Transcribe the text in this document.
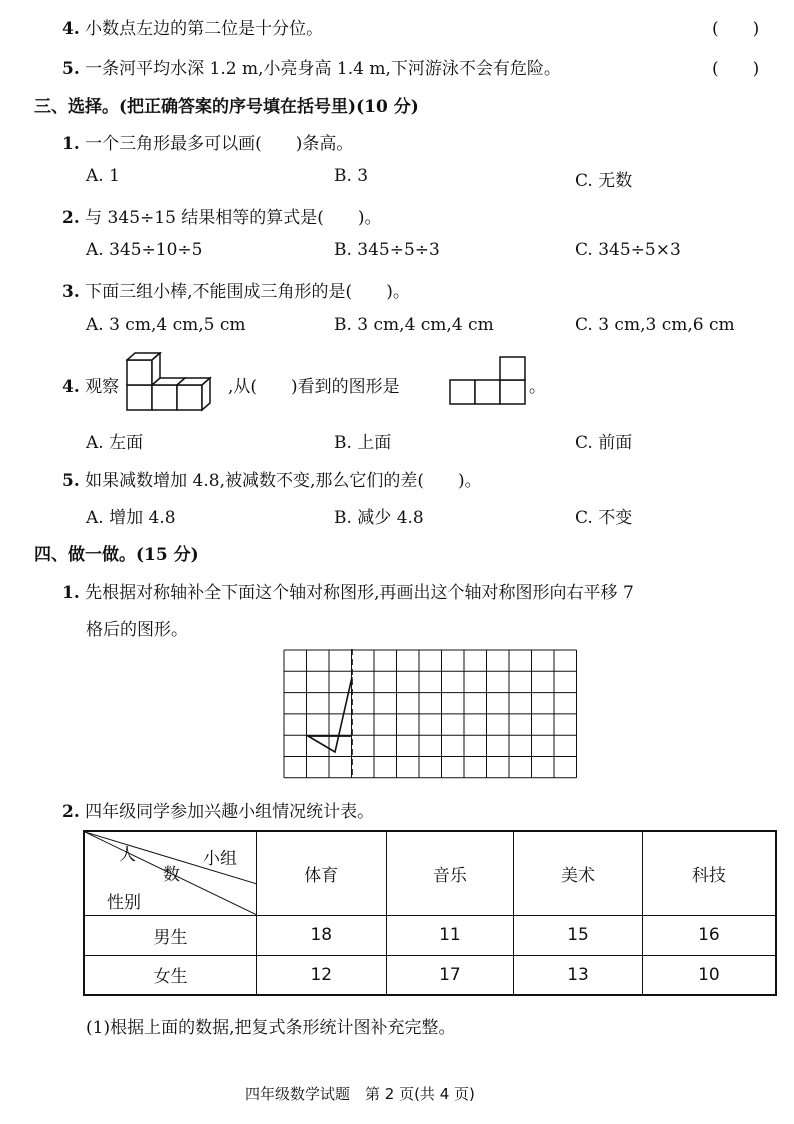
4. 小数点左边的第二位是十分位。	(　　)
5. 一条河平均水深 1.2 m,小亮身高 1.4 m,下河游泳不会有危险。	(　　)
三、选择。(把正确答案的序号填在括号里)(10 分)
1. 一个三角形最多可以画(　　)条高。
A. 1	B. 3	C. 无数
2. 与 345÷15 结果相等的算式是(　　)。
A. 345÷10÷5	B. 345÷5÷3	C. 345÷5×3
3. 下面三组小棒,不能围成三角形的是(　　)。
A. 3 cm,4 cm,5 cm	B. 3 cm,4 cm,4 cm	C. 3 cm,3 cm,6 cm
4. 观察	,从(　　)看到的图形是	。
A. 左面	B. 上面	C. 前面
5. 如果减数增加 4.8,被减数不变,那么它们的差(　　)。
A. 增加 4.8	B. 减少 4.8	C. 不变
四、做一做。(15 分)
1. 先根据对称轴补全下面这个轴对称图形,再画出这个轴对称图形向右平移 7
格后的图形。
2. 四年级同学参加兴趣小组情况统计表。
人
数
小组
性别	体育	音乐	美术	科技
男生	18	11	15	16
女生	12	17	13	10
(1)根据上面的数据,把复式条形统计图补充完整。
四年级数学试题　第 2 页(共 4 页)
